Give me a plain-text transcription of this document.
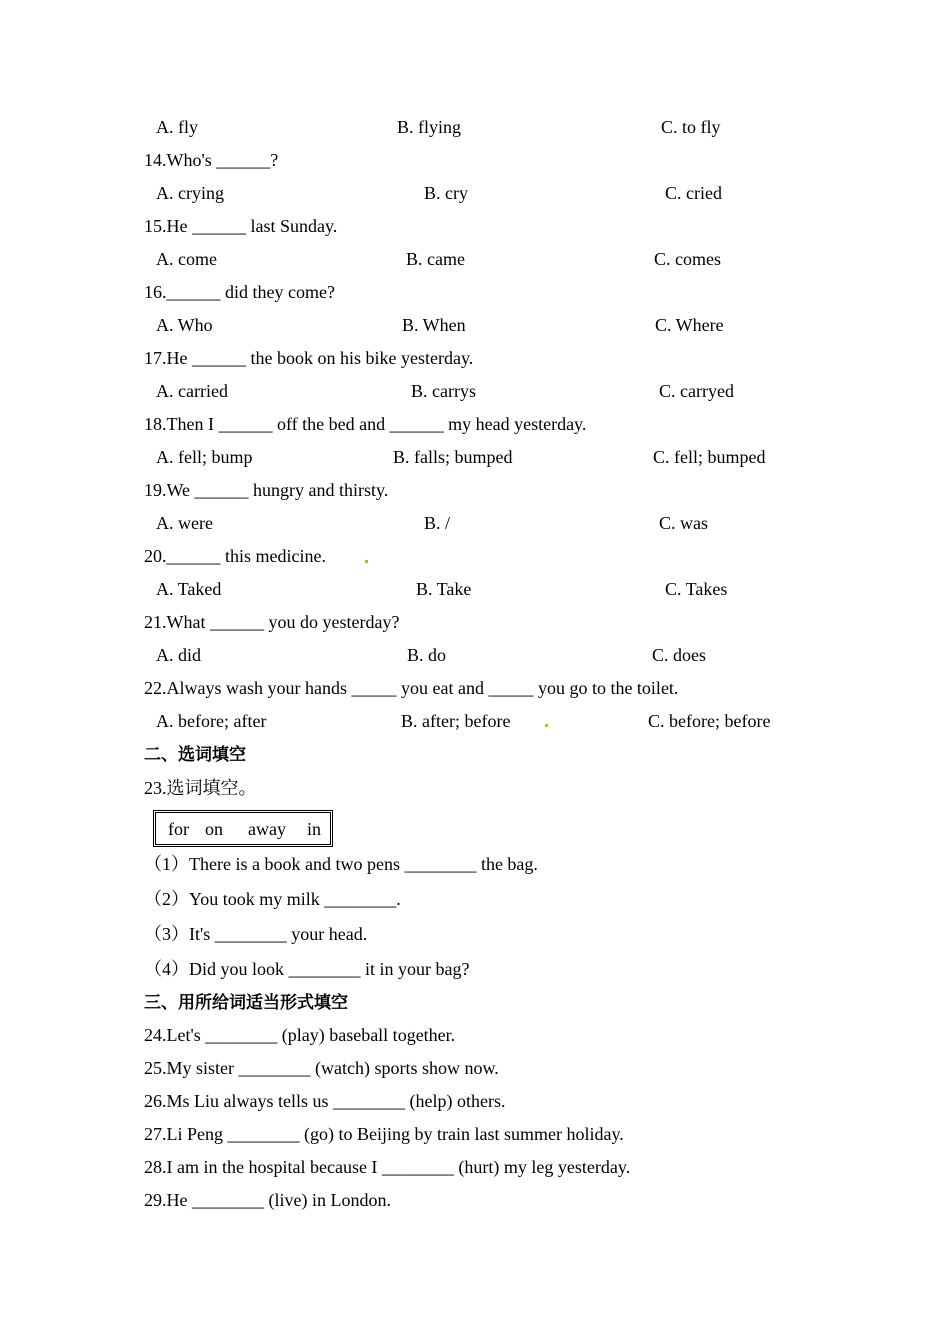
A. fly	B. flying	C. to fly
14.Who's ______?
A. crying	B. cry	C. cried
15.He ______ last Sunday.
A. come	B. came	C. comes
16.______ did they come?
A. Who	B. When	C. Where
17.He ______ the book on his bike yesterday.
A. carried	B. carrys	C. carryed
18.Then I ______ off the bed and ______ my head yesterday.
A. fell; bump	B. falls; bumped	C. fell; bumped
19.We ______ hungry and thirsty.
A. were	B. /	C. was
20.______ this medicine.
A. Taked	B. Take	C. Takes
21.What ______ you do yesterday?
A. did	B. do	C. does
22.Always wash your hands _____ you eat and _____ you go to the toilet.
A. before; after	B. after; before	C. before; before
二、选词填空
23.选词填空。
for on away in
（1）There is a book and two pens ________ the bag.
（2）You took my milk ________.
（3）It's ________ your head.
（4）Did you look ________ it in your bag?
三、用所给词适当形式填空
24.Let's ________ (play) baseball together.
25.My sister ________ (watch) sports show now.
26.Ms Liu always tells us ________ (help) others.
27.Li Peng ________ (go) to Beijing by train last summer holiday.
28.I am in the hospital because I ________ (hurt) my leg yesterday.
29.He ________ (live) in London.
